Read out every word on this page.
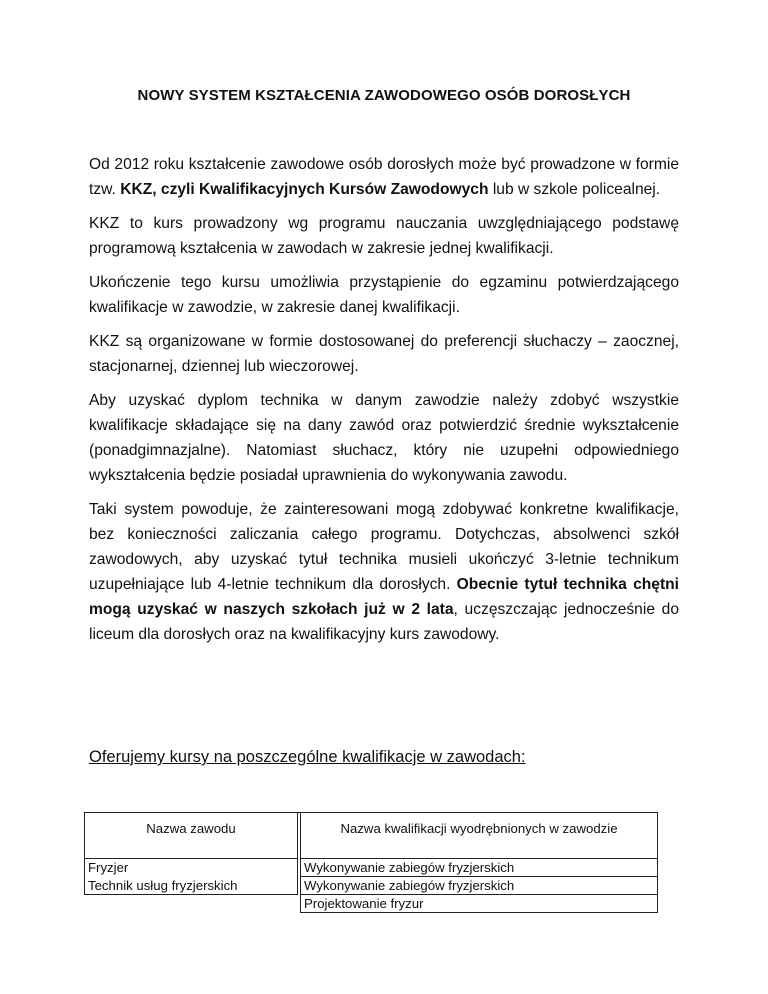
NOWY SYSTEM KSZTAŁCENIA ZAWODOWEGO OSÓB DOROSŁYCH

Od 2012 roku kształcenie zawodowe osób dorosłych może być prowadzone w formie tzw. KKZ, czyli Kwalifikacyjnych Kursów Zawodowych lub w szkole policealnej.

KKZ to kurs prowadzony wg programu nauczania uwzględniającego podstawę programową kształcenia w zawodach w zakresie jednej kwalifikacji.

Ukończenie tego kursu umożliwia przystąpienie do egzaminu potwierdzającego kwalifikacje w zawodzie, w zakresie danej kwalifikacji.

KKZ są organizowane w formie dostosowanej do preferencji słuchaczy – zaocznej, stacjonarnej, dziennej lub wieczorowej.

Aby uzyskać dyplom technika w danym zawodzie należy zdobyć wszystkie kwalifikacje składające się na dany zawód oraz potwierdzić średnie wykształcenie (ponadgimnazjalne). Natomiast słuchacz, który nie uzupełni odpowiedniego wykształcenia będzie posiadał uprawnienia do wykonywania zawodu.

Taki system powoduje, że zainteresowani mogą zdobywać konkretne kwalifikacje, bez konieczności zaliczania całego programu. Dotychczas, absolwenci szkół zawodowych, aby uzyskać tytuł technika musieli ukończyć 3-letnie technikum uzupełniające lub 4-letnie technikum dla dorosłych. Obecnie tytuł technika chętni mogą uzyskać w naszych szkołach już w 2 lata, uczęszczając jednocześnie do liceum dla dorosłych oraz na kwalifikacyjny kurs zawodowy.

Oferujemy kursy na poszczególne kwalifikacje w zawodach:
Nazwa zawodu		Nazwa kwalifikacji wyodrębnionych w zawodzie
Fryzjer		Wykonywanie zabiegów fryzjerskich
Technik usług fryzjerskich		Wykonywanie zabiegów fryzjerskich
		Projektowanie fryzur
